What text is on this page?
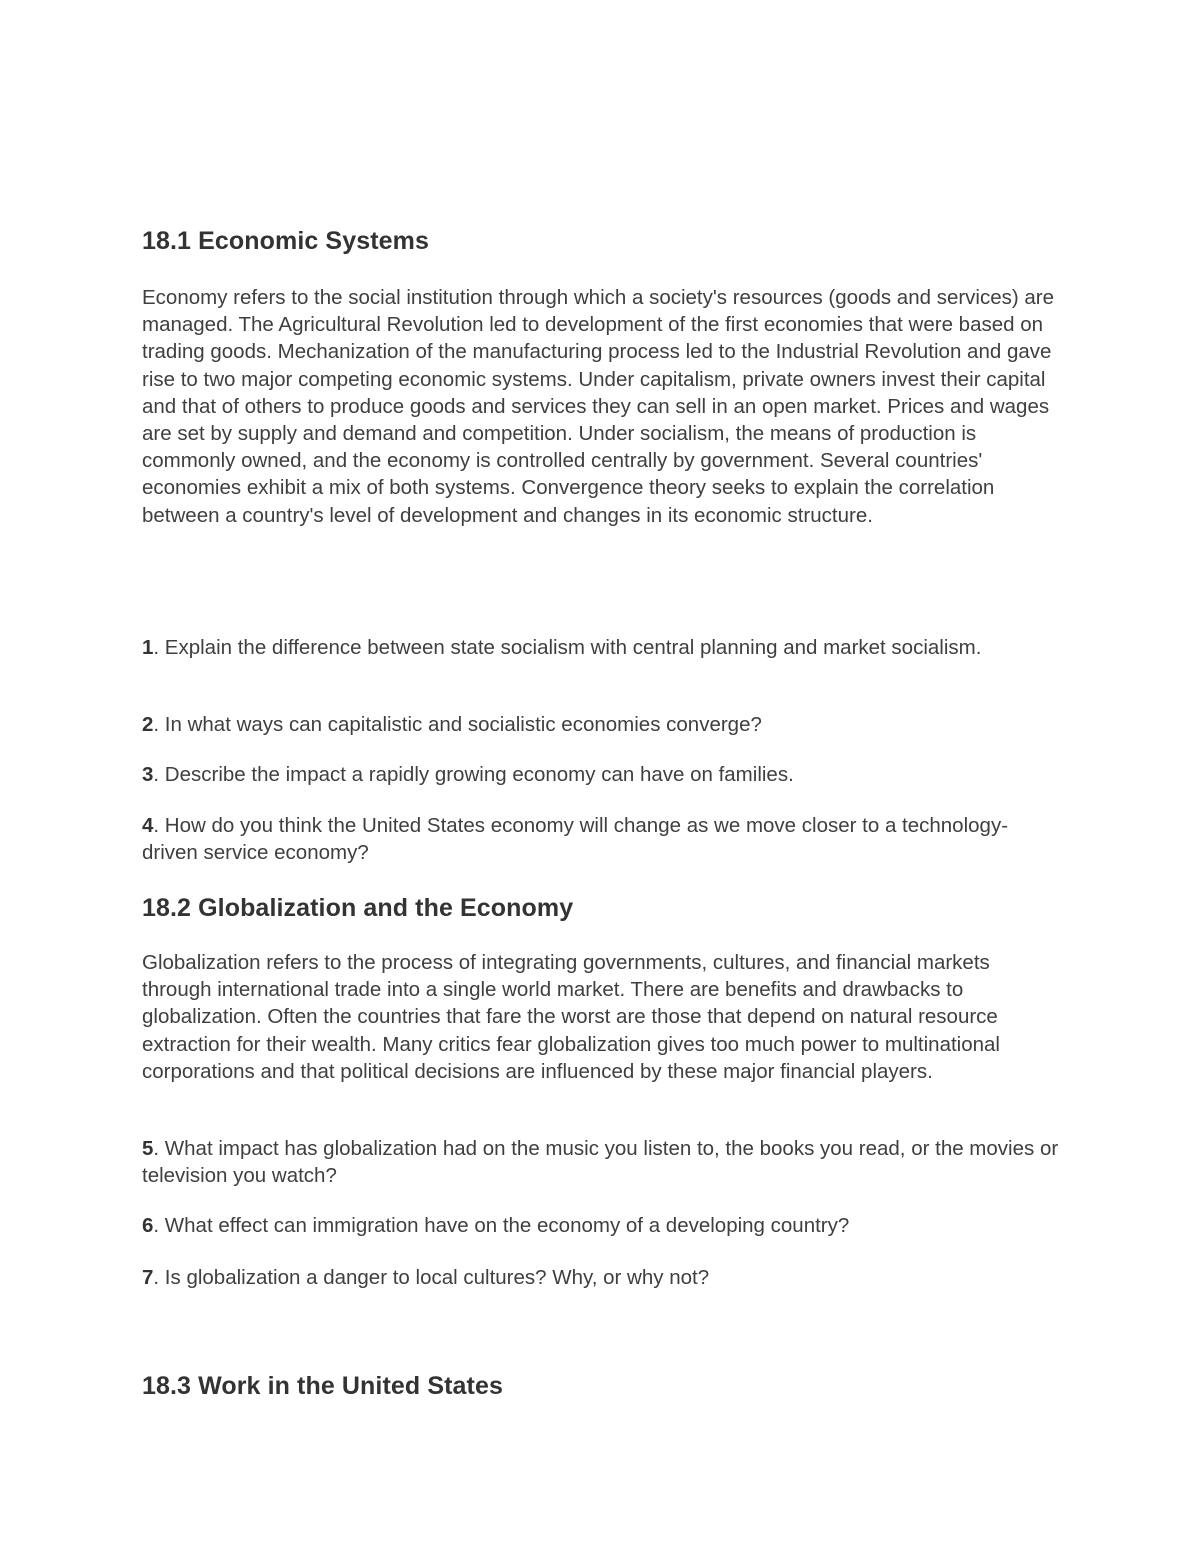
18.1 Economic Systems

Economy refers to the social institution through which a society's resources (goods and services) are managed. The Agricultural Revolution led to development of the first economies that were based on trading goods. Mechanization of the manufacturing process led to the Industrial Revolution and gave rise to two major competing economic systems. Under capitalism, private owners invest their capital and that of others to produce goods and services they can sell in an open market. Prices and wages are set by supply and demand and competition. Under socialism, the means of production is commonly owned, and the economy is controlled centrally by government. Several countries' economies exhibit a mix of both systems. Convergence theory seeks to explain the correlation between a country's level of development and changes in its economic structure.

1. Explain the difference between state socialism with central planning and market socialism.

2. In what ways can capitalistic and socialistic economies converge?

3. Describe the impact a rapidly growing economy can have on families.

4. How do you think the United States economy will change as we move closer to a technology-driven service economy?

18.2 Globalization and the Economy

Globalization refers to the process of integrating governments, cultures, and financial markets through international trade into a single world market. There are benefits and drawbacks to globalization. Often the countries that fare the worst are those that depend on natural resource extraction for their wealth. Many critics fear globalization gives too much power to multinational corporations and that political decisions are influenced by these major financial players.

5. What impact has globalization had on the music you listen to, the books you read, or the movies or television you watch?

6. What effect can immigration have on the economy of a developing country?

7. Is globalization a danger to local cultures? Why, or why not?

18.3 Work in the United States
